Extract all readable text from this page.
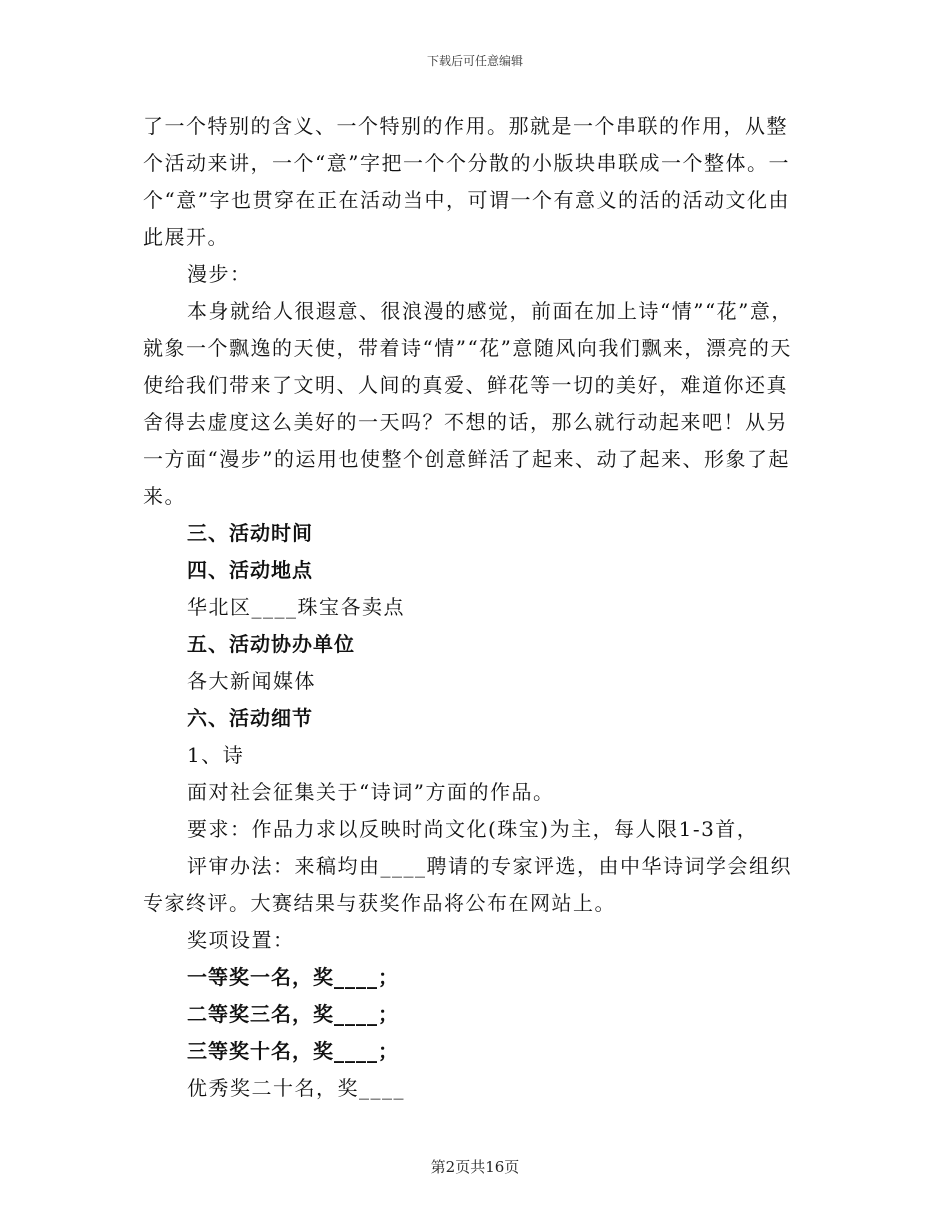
下载后可任意编辑

了一个特别的含义、一个特别的作用。那就是一个串联的作用，从整个活动来讲，一个“意”字把一个个分散的小版块串联成一个整体。一个“意”字也贯穿在正在活动当中，可谓一个有意义的活的活动文化由此展开。

漫步：

本身就给人很遐意、很浪漫的感觉，前面在加上诗“情”“花”意，就象一个飘逸的天使，带着诗“情”“花”意随风向我们飘来，漂亮的天使给我们带来了文明、人间的真爱、鲜花等一切的美好，难道你还真舍得去虚度这么美好的一天吗？不想的话，那么就行动起来吧！从另一方面“漫步”的运用也使整个创意鲜活了起来、动了起来、形象了起来。

三、活动时间

四、活动地点

华北区____珠宝各卖点

五、活动协办单位

各大新闻媒体

六、活动细节

1、诗

面对社会征集关于“诗词”方面的作品。

要求：作品力求以反映时尚文化(珠宝)为主，每人限1-3首，

评审办法：来稿均由____聘请的专家评选，由中华诗词学会组织专家终评。大赛结果与获奖作品将公布在网站上。

奖项设置：

一等奖一名，奖____；

二等奖三名，奖____；

三等奖十名，奖____；

优秀奖二十名，奖____

第2页共16页
